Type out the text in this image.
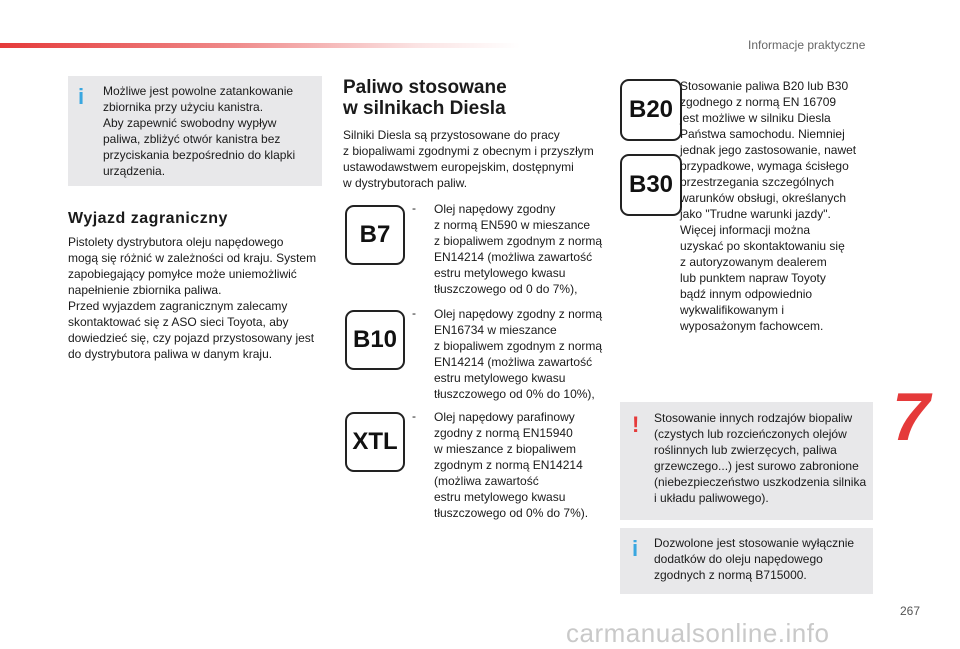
Informacje praktyczne
i Możliwe jest powolne zatankowanie
zbiornika przy użyciu kanistra.
Aby zapewnić swobodny wypływ
paliwa, zbliżyć otwór kanistra bez
przyciskania bezpośrednio do klapki
urządzenia.
Wyjazd zagraniczny
Pistolety dystrybutora oleju napędowego
mogą się różnić w zależności od kraju. System
zapobiegający pomyłce może uniemożliwić
napełnienie zbiornika paliwa.
Przed wyjazdem zagranicznym zalecamy
skontaktować się z ASO sieci Toyota, aby
dowiedzieć się, czy pojazd przystosowany jest
do dystrybutora paliwa w danym kraju.
Paliwo stosowane
w silnikach Diesla
Silniki Diesla są przystosowane do pracy
z biopaliwami zgodnymi z obecnym i przyszłym
ustawodawstwem europejskim, dostępnymi
w dystrybutorach paliw.
B7
- Olej napędowy zgodny
z normą EN590 w mieszance
z biopaliwem zgodnym z normą
EN14214 (możliwa zawartość
estru metylowego kwasu
tłuszczowego od 0 do 7%),
B10
- Olej napędowy zgodny z normą
EN16734 w mieszance
z biopaliwem zgodnym z normą
EN14214 (możliwa zawartość
estru metylowego kwasu
tłuszczowego od 0% do 10%),
XTL
- Olej napędowy parafinowy
zgodny z normą EN15940
w mieszance z biopaliwem
zgodnym z normą EN14214
(możliwa zawartość
estru metylowego kwasu
tłuszczowego od 0% do 7%).
B20
B30
Stosowanie paliwa B20 lub B30
zgodnego z normą EN 16709
jest możliwe w silniku Diesla
Państwa samochodu. Niemniej
jednak jego zastosowanie, nawet
przypadkowe, wymaga ścisłego
przestrzegania szczególnych
warunków obsługi, określanych
jako "Trudne warunki jazdy".
Więcej informacji można
uzyskać po skontaktowaniu się
z autoryzowanym dealerem
lub punktem napraw Toyoty
bądź innym odpowiednio
wykwalifikowanym i
wyposażonym fachowcem.
! Stosowanie innych rodzajów biopaliw
(czystych lub rozcieńczonych olejów
roślinnych lub zwierzęcych, paliwa
grzewczego...) jest surowo zabronione
(niebezpieczeństwo uszkodzenia silnika
i układu paliwowego).
i Dozwolone jest stosowanie wyłącznie
dodatków do oleju napędowego
zgodnych z normą B715000.
7
267
carmanualsonline.info
